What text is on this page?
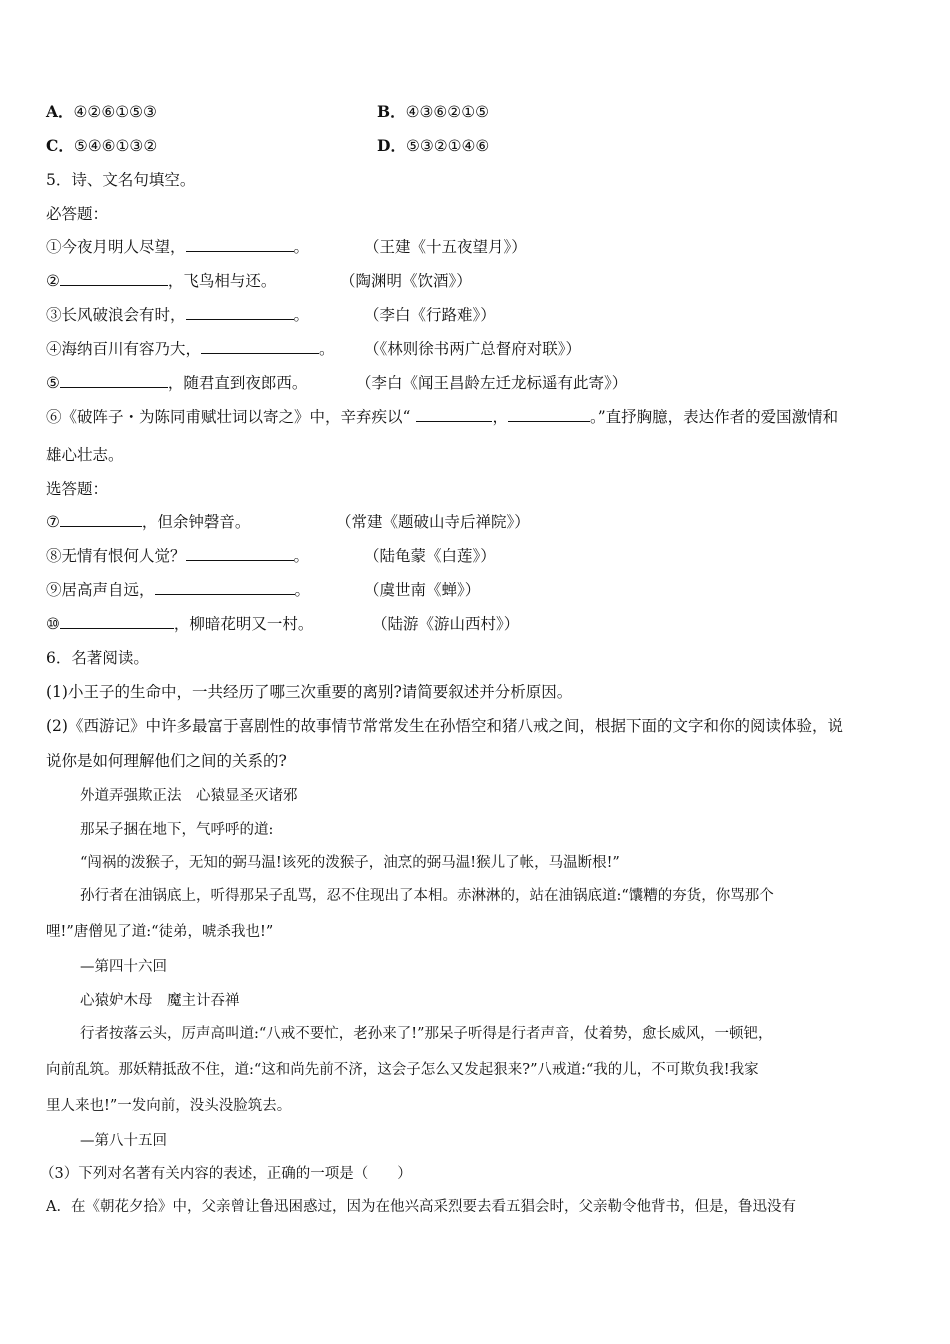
A．④②⑥①⑤③	B．④③⑥②①⑤
C．⑤④⑥①③②	D．⑤③②①④⑥
5．诗、文名句填空。
必答题：
①今夜月明人尽望，	。	（王建《十五夜望月》）
②	，飞鸟相与还。	（陶渊明《饮酒》）
③长风破浪会有时，	。	（李白《行路难》）
④海纳百川有容乃大，	。 （《林则徐书两广总督府对联》）
⑤	，随君直到夜郎西。	（李白《闻王昌龄左迁龙标遥有此寄》）
⑥《破阵子・为陈同甫赋壮词以寄之》中，辛弃疾以“	，	。”直抒胸臆，表达作者的爱国激情和
雄心壮志。
选答题：
⑦	，但余钟磬音。	（常建《题破山寺后禅院》）
⑧无情有恨何人觉？	。	（陆龟蒙《白莲》）
⑨居高声自远，	。	（虞世南《蝉》）
⑩	，柳暗花明又一村。	（陆游《游山西村》）
6．名著阅读。
(1)小王子的生命中，一共经历了哪三次重要的离别?请简要叙述并分析原因。
(2)《西游记》中许多最富于喜剧性的故事情节常常发生在孙悟空和猪八戒之间，根据下面的文字和你的阅读体验，说
说你是如何理解他们之间的关系的?
外道弄强欺正法　心猿显圣灭诸邪
那呆子捆在地下，气呼呼的道:
“闯祸的泼猴子，无知的弼马温!该死的泼猴子，油烹的弼马温!猴儿了帐，马温断根!”
孙行者在油锅底上，听得那呆子乱骂，忍不住现出了本相。赤淋淋的，站在油锅底道:“馕糟的夯货，你骂那个
哩!”唐僧见了道:“徒弟，唬杀我也!”
—第四十六回
心猿妒木母　魔主计吞禅
行者按落云头，厉声高叫道:“八戒不要忙，老孙来了!”那呆子听得是行者声音，仗着势，愈长威风，一顿钯，
向前乱筑。那妖精抵敌不住，道:“这和尚先前不济，这会子怎么又发起狠来?”八戒道:“我的儿，不可欺负我!我家
里人来也!”一发向前，没头没脸筑去。
—第八十五回
（3）下列对名著有关内容的表述，正确的一项是（　　）
A．在《朝花夕拾》中，父亲曾让鲁迅困惑过，因为在他兴高采烈要去看五猖会时，父亲勒令他背书，但是，鲁迅没有
